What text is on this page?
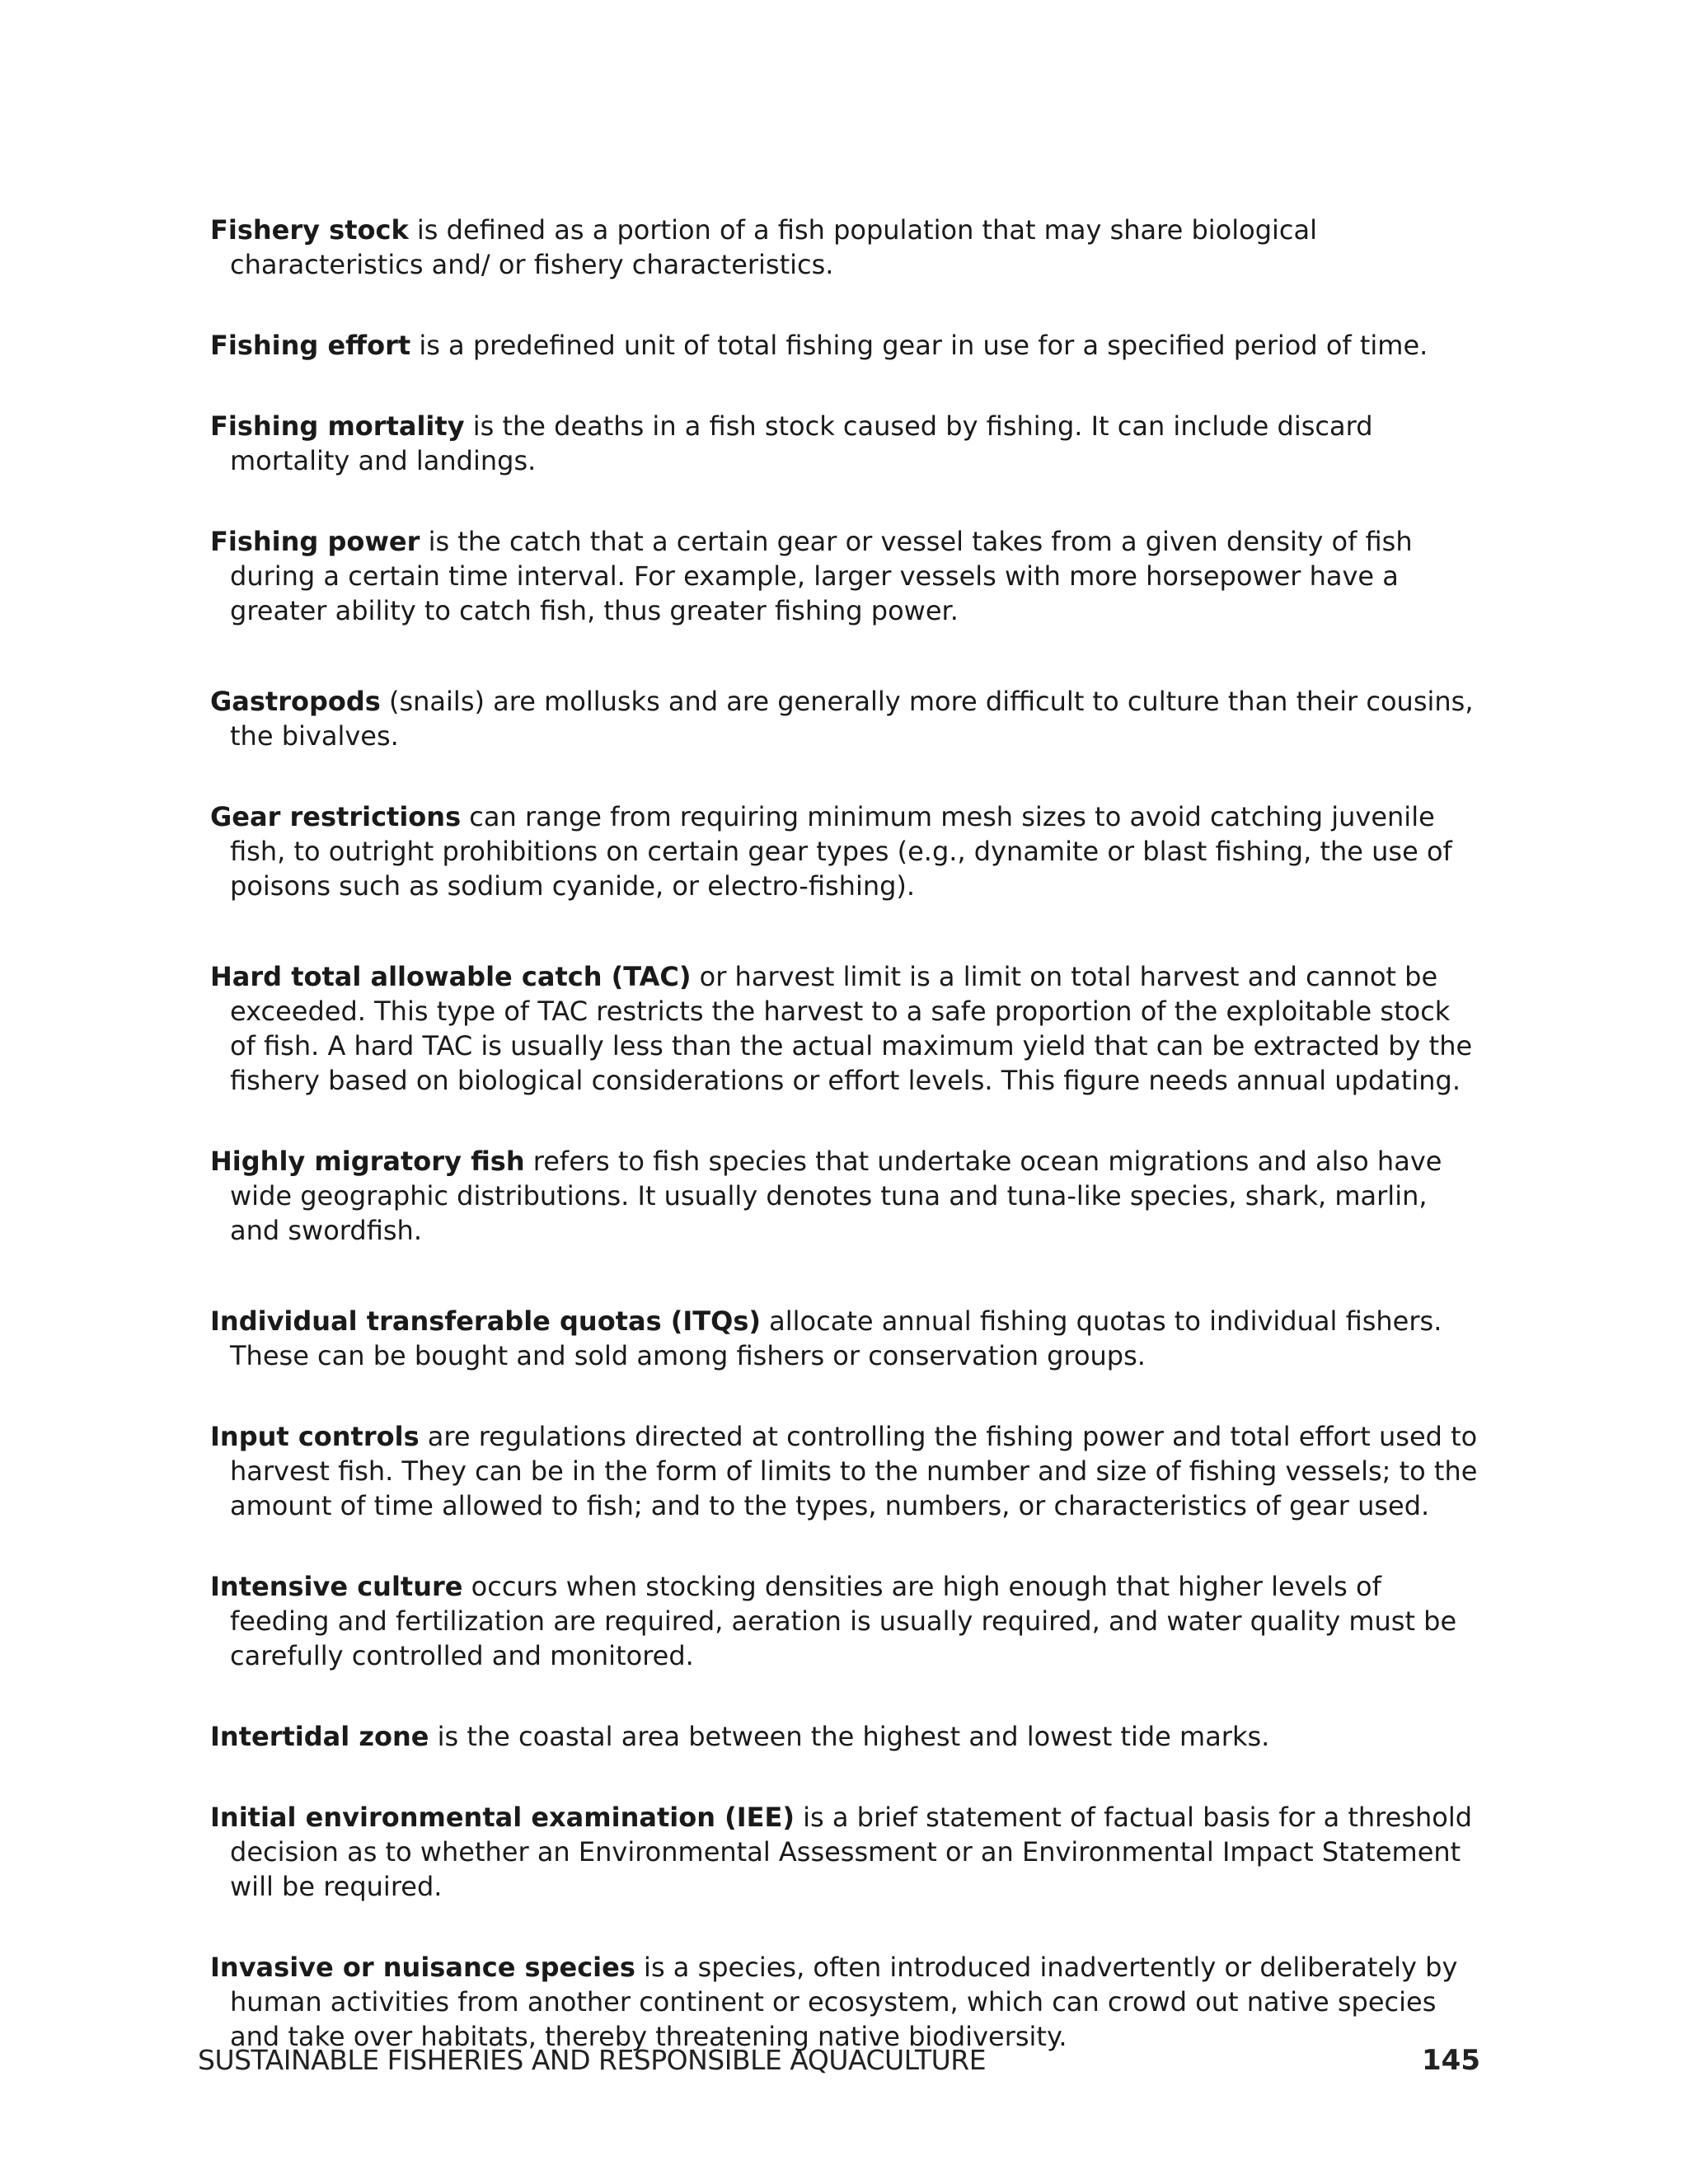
Fishery stock is defined as a portion of a fish population that may share biological characteristics and/ or fishery characteristics.

Fishing effort is a predefined unit of total fishing gear in use for a specified period of time.

Fishing mortality is the deaths in a fish stock caused by fishing. It can include discard mortality and landings.

Fishing power is the catch that a certain gear or vessel takes from a given density of fish during a certain time interval. For example, larger vessels with more horsepower have a greater ability to catch fish, thus greater fishing power.

Gastropods (snails) are mollusks and are generally more difficult to culture than their cousins, the bivalves.

Gear restrictions can range from requiring minimum mesh sizes to avoid catching juvenile fish, to outright prohibitions on certain gear types (e.g., dynamite or blast fishing, the use of poisons such as sodium cyanide, or electro-fishing).

Hard total allowable catch (TAC) or harvest limit is a limit on total harvest and cannot be exceeded. This type of TAC restricts the harvest to a safe proportion of the exploitable stock of fish. A hard TAC is usually less than the actual maximum yield that can be extracted by the fishery based on biological considerations or effort levels. This figure needs annual updating.

Highly migratory fish refers to fish species that undertake ocean migrations and also have wide geographic distributions. It usually denotes tuna and tuna-like species, shark, marlin, and swordfish.

Individual transferable quotas (ITQs) allocate annual fishing quotas to individual fishers. These can be bought and sold among fishers or conservation groups.

Input controls are regulations directed at controlling the fishing power and total effort used to harvest fish. They can be in the form of limits to the number and size of fishing vessels; to the amount of time allowed to fish; and to the types, numbers, or characteristics of gear used.

Intensive culture occurs when stocking densities are high enough that higher levels of feeding and fertilization are required, aeration is usually required, and water quality must be carefully controlled and monitored.

Intertidal zone is the coastal area between the highest and lowest tide marks.

Initial environmental examination (IEE) is a brief statement of factual basis for a threshold decision as to whether an Environmental Assessment or an Environmental Impact Statement will be required.

Invasive or nuisance species is a species, often introduced inadvertently or deliberately by human activities from another continent or ecosystem, which can crowd out native species and take over habitats, thereby threatening native biodiversity.

SUSTAINABLE FISHERIES AND RESPONSIBLE AQUACULTURE	145
